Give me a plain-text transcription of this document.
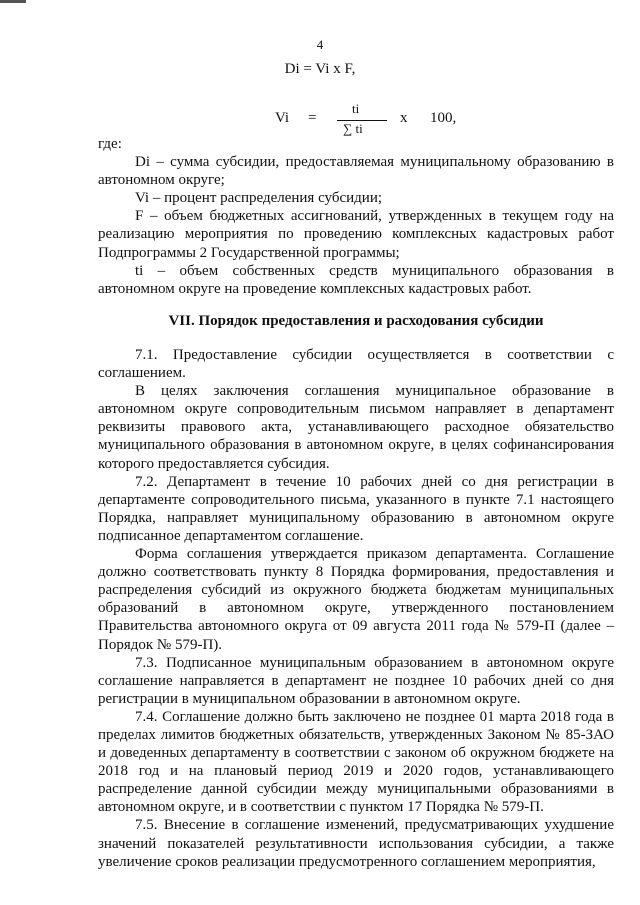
4
Di = Vi x F,
Vi =
ti
∑ ti
x 100,

где:

Di – сумма субсидии, предоставляемая муниципальному образованию в автономном округе;

Vi – процент распределения субсидии;

F – объем бюджетных ассигнований, утвержденных в текущем году на реализацию мероприятия по проведению комплексных кадастровых работ Подпрограммы 2 Государственной программы;

ti – объем собственных средств муниципального образования в автономном округе на проведение комплексных кадастровых работ.

VII. Порядок предоставления и расходования субсидии

7.1. Предоставление субсидии осуществляется в соответствии с соглашением.

В целях заключения соглашения муниципальное образование в автономном округе сопроводительным письмом направляет в департамент реквизиты правового акта, устанавливающего расходное обязательство муниципального образования в автономном округе, в целях софинансирования которого предоставляется субсидия.

7.2. Департамент в течение 10 рабочих дней со дня регистрации в департаменте сопроводительного письма, указанного в пункте 7.1 настоящего Порядка, направляет муниципальному образованию в автономном округе подписанное департаментом соглашение.

Форма соглашения утверждается приказом департамента. Соглашение должно соответствовать пункту 8 Порядка формирования, предоставления и распределения субсидий из окружного бюджета бюджетам муниципальных образований в автономном округе, утвержденного постановлением Правительства автономного округа от 09 августа 2011 года № 579-П (далее – Порядок № 579-П).

7.3. Подписанное муниципальным образованием в автономном округе соглашение направляется в департамент не позднее 10 рабочих дней со дня регистрации в муниципальном образовании в автономном округе.

7.4. Соглашение должно быть заключено не позднее 01 марта 2018 года в пределах лимитов бюджетных обязательств, утвержденных Законом № 85-ЗАО и доведенных департаменту в соответствии с законом об окружном бюджете на 2018 год и на плановый период 2019 и 2020 годов, устанавливающего распределение данной субсидии между муниципальными образованиями в автономном округе, и в соответствии с пунктом 17 Порядка № 579-П.

7.5. Внесение в соглашение изменений, предусматривающих ухудшение значений показателей результативности использования субсидии, а также увеличение сроков реализации предусмотренного соглашением мероприятия,
